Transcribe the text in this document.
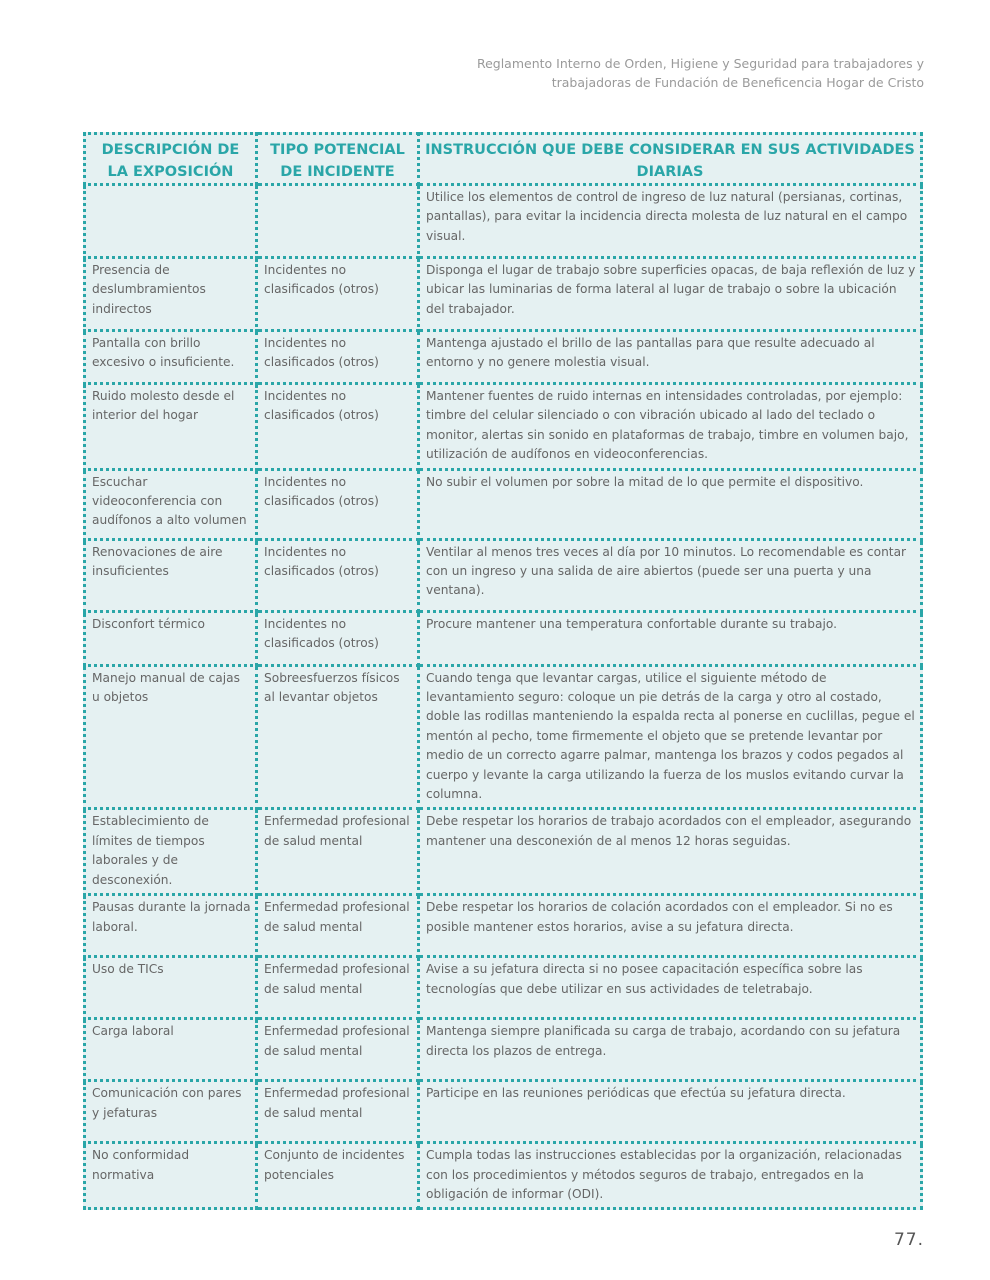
Reglamento Interno de Orden, Higiene y Seguridad para trabajadores y
trabajadoras de Fundación de Beneficencia Hogar de Cristo
DESCRIPCIÓN DE LA EXPOSICIÓN	TIPO POTENCIAL DE INCIDENTE	INSTRUCCIÓN QUE DEBE CONSIDERAR EN SUS ACTIVIDADES DIARIAS
		Utilice los elementos de control de ingreso de luz natural (persianas, cortinas, pantallas), para evitar la incidencia directa molesta de luz natural en el campo visual.
Presencia de deslumbramientos indirectos	Incidentes no clasificados (otros)	Disponga el lugar de trabajo sobre superficies opacas, de baja reflexión de luz y ubicar las luminarias de forma lateral al lugar de trabajo o sobre la ubicación del trabajador.
Pantalla con brillo excesivo o insuficiente.	Incidentes no clasificados (otros)	Mantenga ajustado el brillo de las pantallas para que resulte adecuado al entorno y no genere molestia visual.
Ruido molesto desde el interior del hogar	Incidentes no clasificados (otros)	Mantener fuentes de ruido internas en intensidades controladas, por ejemplo: timbre del celular silenciado o con vibración ubicado al lado del teclado o monitor, alertas sin sonido en plataformas de trabajo, timbre en volumen bajo, utilización de audífonos en videoconferencias.
Escuchar videoconferencia con audífonos a alto volumen	Incidentes no clasificados (otros)	No subir el volumen por sobre la mitad de lo que permite el dispositivo.
Renovaciones de aire insuficientes	Incidentes no clasificados (otros)	Ventilar al menos tres veces al día por 10 minutos. Lo recomendable es contar con un ingreso y una salida de aire abiertos (puede ser una puerta y una ventana).
Disconfort térmico	Incidentes no clasificados (otros)	Procure mantener una temperatura confortable durante su trabajo.
Manejo manual de cajas u objetos	Sobreesfuerzos físicos al levantar objetos	Cuando tenga que levantar cargas, utilice el siguiente método de levantamiento seguro: coloque un pie detrás de la carga y otro al costado, doble las rodillas manteniendo la espalda recta al ponerse en cuclillas, pegue el mentón al pecho, tome firmemente el objeto que se pretende levantar por medio de un correcto agarre palmar, mantenga los brazos y codos pegados al cuerpo y levante la carga utilizando la fuerza de los muslos evitando curvar la columna.
Establecimiento de límites de tiempos laborales y de desconexión.	Enfermedad profesional de salud mental	Debe respetar los horarios de trabajo acordados con el empleador, asegurando mantener una desconexión de al menos 12 horas seguidas.
Pausas durante la jornada laboral.	Enfermedad profesional de salud mental	Debe respetar los horarios de colación acordados con el empleador. Si no es posible mantener estos horarios, avise a su jefatura directa.
Uso de TICs	Enfermedad profesional de salud mental	Avise a su jefatura directa si no posee capacitación específica sobre las tecnologías que debe utilizar en sus actividades de teletrabajo.
Carga laboral	Enfermedad profesional de salud mental	Mantenga siempre planificada su carga de trabajo, acordando con su jefatura directa los plazos de entrega.
Comunicación con pares y jefaturas	Enfermedad profesional de salud mental	Participe en las reuniones periódicas que efectúa su jefatura directa.
No conformidad normativa	Conjunto de incidentes potenciales	Cumpla todas las instrucciones establecidas por la organización, relacionadas con los procedimientos y métodos seguros de trabajo, entregados en la obligación de informar (ODI).
77.
